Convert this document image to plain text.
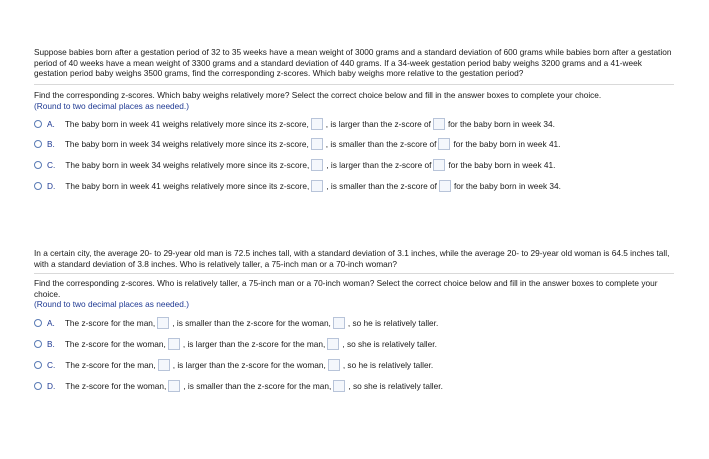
Suppose babies born after a gestation period of 32 to 35 weeks have a mean weight of 3000 grams and a standard deviation of 600 grams while babies born after a gestation period of 40 weeks have a mean weight of 3300 grams and a standard deviation of 440 grams. If a 34-week gestation period baby weighs 3200 grams and a 41-week gestation period baby weighs 3500 grams, find the corresponding z-scores. Which baby weighs more relative to the gestation period?
Find the corresponding z-scores. Which baby weighs relatively more? Select the correct choice below and fill in the answer boxes to complete your choice.
(Round to two decimal places as needed.)
A. The baby born in week 41 weighs relatively more since its z-score, , is larger than the z-score of for the baby born in week 34.
B. The baby born in week 34 weighs relatively more since its z-score, , is smaller than the z-score of for the baby born in week 41.
C. The baby born in week 34 weighs relatively more since its z-score, , is larger than the z-score of for the baby born in week 41.
D. The baby born in week 41 weighs relatively more since its z-score, , is smaller than the z-score of for the baby born in week 34.
In a certain city, the average 20- to 29-year old man is 72.5 inches tall, with a standard deviation of 3.1 inches, while the average 20- to 29-year old woman is 64.5 inches tall, with a standard deviation of 3.8 inches. Who is relatively taller, a 75-inch man or a 70-inch woman?
Find the corresponding z-scores. Who is relatively taller, a 75-inch man or a 70-inch woman? Select the correct choice below and fill in the answer boxes to complete your choice.
(Round to two decimal places as needed.)
A. The z-score for the man, , is smaller than the z-score for the woman, , so he is relatively taller.
B. The z-score for the woman, , is larger than the z-score for the man, , so she is relatively taller.
C. The z-score for the man, , is larger than the z-score for the woman, , so he is relatively taller.
D. The z-score for the woman, , is smaller than the z-score for the man, , so she is relatively taller.
